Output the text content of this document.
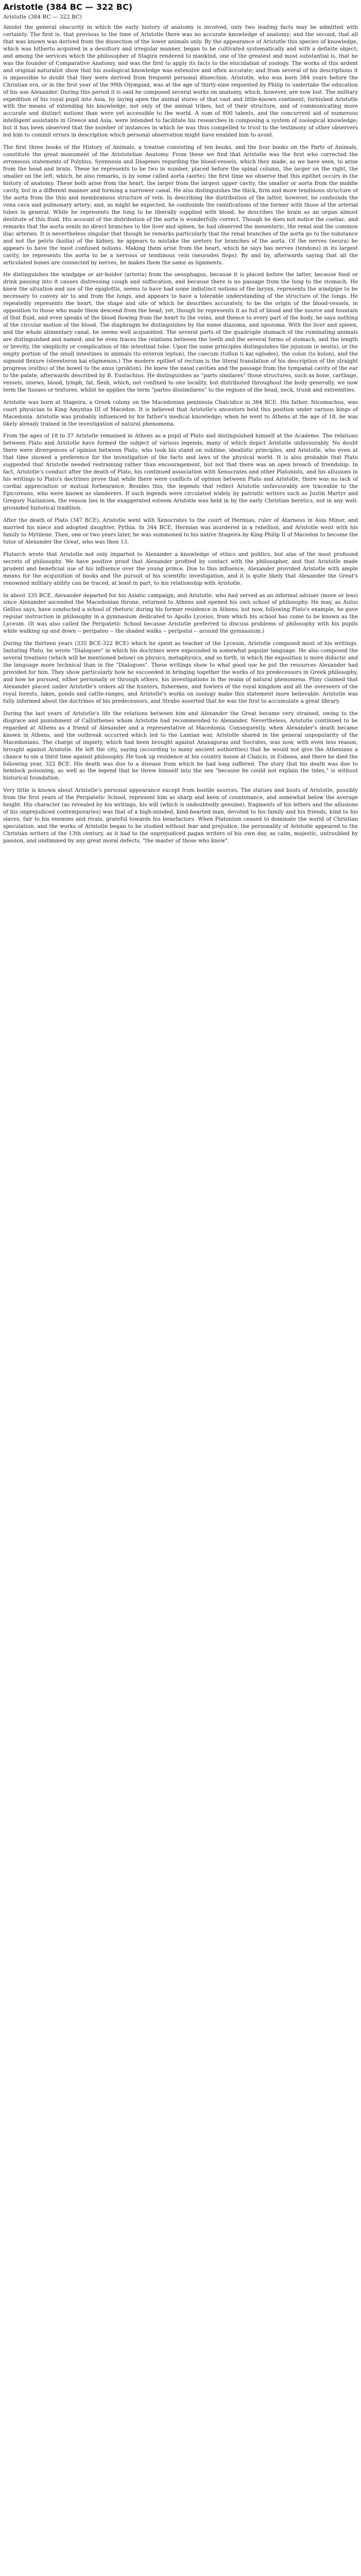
Aristotle (384 BC — 322 BC)
Aristotle (384 BC — 322 BC)

Amidst the general obscurity in which the early history of anatomy is involved, only two leading facts may be admitted with certainty. The first is, that previous to the time of Aristotle there was no accurate knowledge of anatomy; and the second, that all that was known was derived from the dissection of the lower animals only. By the appearance of Aristotle this species of knowledge, which was hitherto acquired in a desultory and irregular manner, began to be cultivated systematically and with a definite object; and among the services which the philosopher of Stagira rendered to mankind, one of the greatest and most substantial is, that he was the founder of Comparative Anatomy, and was the first to apply its facts to the elucidation of zoology. The works of this ardent and original naturalist show that his zoological knowledge was extensive and often accurate; and from several of his descriptions it is impossible to doubt that they were derived from frequent personal dissection. Aristotle, who was born 384 years before the Christian era, or in the first year of the 99th Olympiad, was at the age of thirty-nine requested by Philip to undertake the education of his son Alexander. During this period it is said he composed several works on anatomy, which, however, are now lost. The military expedition of his royal pupil into Asia, by laying open the animal stores of that vast and little-known continent, furnished Aristotle with the means of extending his knowledge, not only of the animal tribes, but of their structure, and of communicating more accurate and distinct notions than were yet accessible to the world. A sum of 800 talents, and the concurrent aid of numerous intelligent assistants in Greece and Asia, were intended to facilitate his researches in composing a system of zoological knowledge; but it has been observed that the number of instances in which he was thus compelled to trust to the testimony of other observers led him to commit errors in description which personal observation might have enabled him to avoid.

The first three books of the History of Animals, a treatise consisting of ten books, and the four books on the Parts of Animals, constitute the great monument of the Aristotelian Anatomy. From these we find that Aristotle was the first who corrected the erroneous statements of Polybus, Syennesis and Diogenes regarding the blood-vessels, which they made, as we have seen, to arise from the head and brain. These he represents to be two in number, placed before the spinal column, the larger on the right, the smaller on the left, which, he also remarks, is by some called aorta (aorte); the first time we observe that this epithet occurs in the history of anatomy. These both arise from the heart, the larger from the largest upper cavity, the smaller or aorta from the middle cavity, but in a different manner and forming a narrower canal. He also distinguishes the thick, firm and more tendinous structure of the aorta from the thin and membranous structure of vein. In describing the distribution of the latter, however, he confounds the vena cava and pulmonary artery; and, as might be expected, he confounds the ramifications of the former with those of the arterial tubes in general. While he represents the lung to be liberally supplied with blood, he describes the brain as an organ almost destitute of this fluid. His account of the distribution of the aorta is wonderfully correct. Though he does not notice the coeliac, and remarks that the aorta sends no direct branches to the liver and spleen, he had observed the mesenteric, the renal and the common iliac arteries. It is nevertheless singular that though he remarks particularly that the renal branches of the aorta go to the substance and not the pelvis (koilia) of the kidney, he appears to mistake the ureters for branches of the aorta. Of the nerves (neura) he appears to have the most confused notions. Making them arise from the heart, which he says has nerves (tendons) in its largest cavity, he represents the aorta to be a nervous or tendinous vein (neurodes fleps). By and by, afterwards saying that all the articulated bones are connected by nerves, he makes them the same as ligaments.

He distinguishes the windpipe or air-holder (arteria) from the oesophagus, because it is placed before the latter, because food or drink passing into it causes distressing cough and suffocation, and because there is no passage from the lung to the stomach. He knew the situation and use of the epiglottis, seems to have had some indistinct notions of the larynx, represents the windpipe to be necessary to convey air to and from the lungs, and appears to have a tolerable understanding of the structure of the lungs. He repeatedly represents the heart, the shape and site of which he describes accurately, to be the origin of the blood-vessels, in opposition to those who made them descend from the head; yet, though he represents it as full of blood and the source and fountain of that fluid, and even speaks of the blood flowing from the heart to the veins, and thence to every part of the body, he says nothing of the circular motion of the blood. The diaphragm he distinguishes by the name diazoma, and upozoma. With the liver and spleen, and the whole alimentary canal, he seems well acquainted. The several parts of the quadruple stomach of the ruminating animals are distinguished and named; and he even traces the relations between the teeth and the several forms of stomach, and the length or brevity, the simplicity or complication of the intestinal tube. Upon the same principles distinguishes the jejunum (e nestis), or the empty portion of the small intestines in animals (to enteron lepton), the caecum (tuflon ti kai oglodes), the colon (to kolon), and the sigmoid flexure (steenteron kai eligmenon.) The modern epithet of rectum is the literal translation of his description of the straight progress (euthu) of the bowel to the anus (prokton). He knew the nasal cavities and the passage from the tympanal cavity of the ear to the palate, afterwards described by B. Eustachius. He distinguishes as "parts similares" those structures, such as bone, cartilage, vessels, sinews, blood, lymph, fat, flesh, which, not confined to one locality, but distributed throughout the body generally, we now term the tissues or textures, whilst he applies the term "partes dissimilares" to the regions of the head, neck, trunk and extremities.

Aristotle was born at Stageira, a Greek colony on the Macedonian peninsula Chalcidice in 384 BCE. His father, Nicomachus, was court physician to King Amyntas III of Macedon. It is believed that Aristotle's ancestors held this position under various kings of Macedonia. Aristotle was probably influenced by his father's medical knowledge; when he went to Athens at the age of 18, he was likely already trained in the investigation of natural phenomena.

From the ages of 18 to 37 Aristotle remained in Athens as a pupil of Plato and distinguished himself at the Academe. The relations between Plato and Aristotle have formed the subject of various legends, many of which depict Aristotle unfavourably. No doubt there were divergences of opinion between Plato, who took his stand on sublime, idealistic principles, and Aristotle, who even at that time showed a preference for the investigation of the facts and laws of the physical world. It is also probable that Plato suggested that Aristotle needed restraining rather than encouragement, but not that there was an open breach of friendship. In fact, Aristotle's conduct after the death of Plato, his continued association with Xenocrates and other Platonists, and his allusions in his writings to Plato's doctrines prove that while there were conflicts of opinion between Plato and Aristotle, there was no lack of cordial appreciation or mutual forbearance. Besides this, the legends that reflect Aristotle unfavourably are traceable to the Epicureans, who were known as slanderers. If such legends were circulated widely by patristic writers such as Justin Martyr and Gregory Nazianzen, the reason lies in the exaggerated esteem Aristotle was held in by the early Christian heretics, not in any well-grounded historical tradition.

After the death of Plato (347 BCE), Aristotle went with Xenocrates to the court of Hermias, ruler of Atarneus in Asia Minor, and married his niece and adopted daughter, Pythia. In 344 BCE, Hermias was murdered in a rebellion, and Aristotle went with his family to Mytilene. Then, one or two years later, he was summoned to his native Stageira by King Philip II of Macedon to become the tutor of Alexander the Great, who was then 13.

Plutarch wrote that Aristotle not only imparted to Alexander a knowledge of ethics and politics, but also of the most profound secrets of philosophy. We have positive proof that Alexander profited by contact with the philosopher, and that Aristotle made prudent and beneficial use of his influence over the young prince. Due to this influence, Alexander provided Aristotle with ample means for the acquisition of books and the pursuit of his scientific investigation, and it is quite likely that Alexander the Great's renowned military ability can be traced, at least in part, to his relationship with Aristotle.

In about 335 BCE, Alexander departed for his Asiatic campaign, and Aristotle, who had served as an informal adviser (more or less) since Alexander ascended the Macedonian throne, returned to Athens and opened his own school of philosophy. He may, as Aulus Gellius says, have conducted a school of rhetoric during his former residence in Athens; but now, following Plato's example, he gave regular instruction in philosophy in a gymnasium dedicated to Apollo Lyceios, from which his school has come to be known as the Lyceum. (It was also called the Peripatetic School because Aristotle preferred to discuss problems of philosophy with his pupils while walking up and down -- peripateo -- the shaded walks -- peripatoi -- around the gymnasium.)

During the thirteen years (335 BCE-322 BCE) which he spent as teacher of the Lyceum, Aristotle composed most of his writings. Imitating Plato, he wrote "Dialogues" in which his doctrines were expounded in somewhat popular language. He also composed the several treatises (which will be mentioned below) on physics, metaphysics, and so forth, in which the exposition is more didactic and the language more technical than in the "Dialogues". These writings show to what good use he put the resources Alexander had provided for him. They show particularly how he succeeded in bringing together the works of his predecessors in Greek philosophy, and how he pursued, either personally or through others, his investigations in the realm of natural phenomena. Pliny claimed that Alexander placed under Aristotle's orders all the hunters, fishermen, and fowlers of the royal kingdom and all the overseers of the royal forests, lakes, ponds and cattle-ranges, and Aristotle's works on zoology make this statement more believable. Aristotle was fully informed about the doctrines of his predecessors, and Strabo asserted that he was the first to accumulate a great library.

During the last years of Aristotle's life the relations between him and Alexander the Great became very strained, owing to the disgrace and punishment of Callisthenes whom Aristotle had recommended to Alexander. Nevertheless, Aristotle continued to be regarded at Athens as a friend of Alexander and a representative of Macedonia. Consequently, when Alexander's death became known in Athens, and the outbreak occurred which led to the Lamian war, Aristotle shared in the general unpopularity of the Macedonians. The charge of impiety, which had been brought against Anaxagoras and Socrates, was now, with even less reason, brought against Aristotle. He left the city, saying (according to many ancient authorities) that he would not give the Athenians a chance to sin a third time against philosophy. He took up residence at his country house at Chalcis, in Euboea, and there he died the following year, 322 BCE. His death was due to a disease from which he had long suffered. The story that his death was due to hemlock poisoning, as well as the legend that he threw himself into the sea "because he could not explain the tides," is without historical foundation.

Very little is known about Aristotle's personal appearance except from hostile sources. The statues and busts of Aristotle, possibly from the first years of the Peripatetic School, represent him as sharp and keen of countenance, and somewhat below the average height. His character (as revealed by his writings, his will (which is undoubtedly genuine), fragments of his letters and the allusions of his unprejudiced contemporaries) was that of a high-minded, kind-hearted man, devoted to his family and his friends, kind to his slaves, fair to his enemies and rivals, grateful towards his benefactors. When Platonism ceased to dominate the world of Christian speculation, and the works of Aristotle began to be studied without fear and prejudice, the personality of Aristotle appeared to the Christian writers of the 13th century, as it had to the unprejudiced pagan writers of his own day, as calm, majestic, untroubled by passion, and undimmed by any great moral defects, "the master of those who know".
